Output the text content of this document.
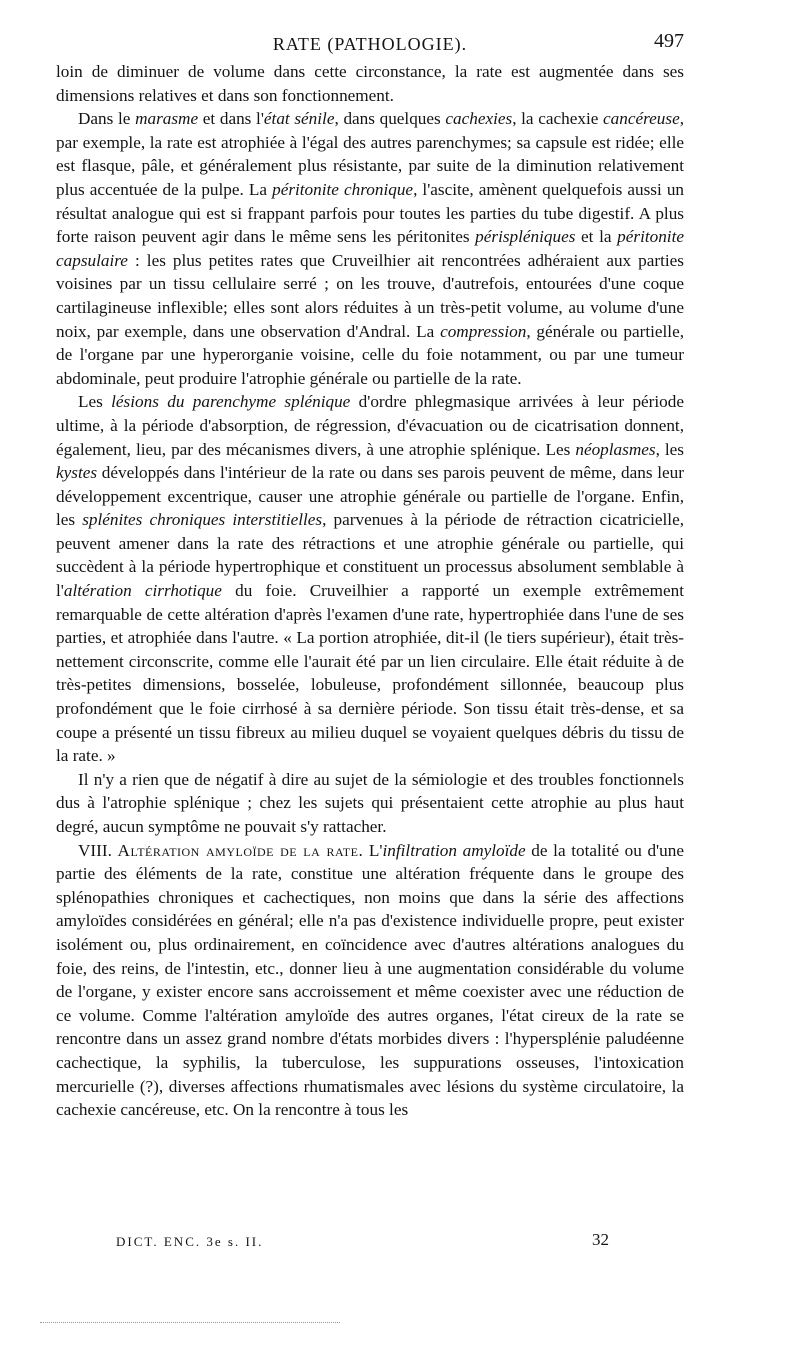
RATE (PATHOLOGIE).	497

loin de diminuer de volume dans cette circonstance, la rate est augmentée dans ses dimensions relatives et dans son fonctionnement.

Dans le marasme et dans l'état sénile, dans quelques cachexies, la cachexie cancéreuse, par exemple, la rate est atrophiée à l'égal des autres parenchymes; sa capsule est ridée; elle est flasque, pâle, et généralement plus résistante, par suite de la diminution relativement plus accentuée de la pulpe. La péritonite chronique, l'ascite, amènent quelquefois aussi un résultat analogue qui est si frappant parfois pour toutes les parties du tube digestif. A plus forte raison peuvent agir dans le même sens les péritonites périspléniques et la péritonite capsulaire : les plus petites rates que Cruveilhier ait rencontrées adhéraient aux parties voisines par un tissu cellulaire serré ; on les trouve, d'autrefois, entourées d'une coque cartilagineuse inflexible; elles sont alors réduites à un très-petit volume, au volume d'une noix, par exemple, dans une observation d'Andral. La compression, générale ou partielle, de l'organe par une hyperorganie voisine, celle du foie notamment, ou par une tumeur abdominale, peut produire l'atrophie générale ou partielle de la rate.

Les lésions du parenchyme splénique d'ordre phlegmasique arrivées à leur période ultime, à la période d'absorption, de régression, d'évacuation ou de cicatrisation donnent, également, lieu, par des mécanismes divers, à une atrophie splénique. Les néoplasmes, les kystes développés dans l'intérieur de la rate ou dans ses parois peuvent de même, dans leur développement excentrique, causer une atrophie générale ou partielle de l'organe. Enfin, les splénites chroniques interstitielles, parvenues à la période de rétraction cicatricielle, peuvent amener dans la rate des rétractions et une atrophie générale ou partielle, qui succèdent à la période hypertrophique et constituent un processus absolument semblable à l'altération cirrhotique du foie. Cruveilhier a rapporté un exemple extrêmement remarquable de cette altération d'après l'examen d'une rate, hypertrophiée dans l'une de ses parties, et atrophiée dans l'autre. « La portion atrophiée, dit-il (le tiers supérieur), était très-nettement circonscrite, comme elle l'aurait été par un lien circulaire. Elle était réduite à de très-petites dimensions, bosselée, lobuleuse, profondément sillonnée, beaucoup plus profondément que le foie cirrhosé à sa dernière période. Son tissu était très-dense, et sa coupe a présenté un tissu fibreux au milieu duquel se voyaient quelques débris du tissu de la rate. »

Il n'y a rien que de négatif à dire au sujet de la sémiologie et des troubles fonctionnels dus à l'atrophie splénique ; chez les sujets qui présentaient cette atrophie au plus haut degré, aucun symptôme ne pouvait s'y rattacher.

VIII. Altération amyloïde de la rate. L'infiltration amyloïde de la totalité ou d'une partie des éléments de la rate, constitue une altération fréquente dans le groupe des splénopathies chroniques et cachectiques, non moins que dans la série des affections amyloïdes considérées en général; elle n'a pas d'existence individuelle propre, peut exister isolément ou, plus ordinairement, en coïncidence avec d'autres altérations analogues du foie, des reins, de l'intestin, etc., donner lieu à une augmentation considérable du volume de l'organe, y exister encore sans accroissement et même coexister avec une réduction de ce volume. Comme l'altération amyloïde des autres organes, l'état cireux de la rate se rencontre dans un assez grand nombre d'états morbides divers : l'hypersplénie paludéenne cachectique, la syphilis, la tuberculose, les suppurations osseuses, l'intoxication mercurielle (?), diverses affections rhumatismales avec lésions du système circulatoire, la cachexie cancéreuse, etc. On la rencontre à tous les

DICT. ENC. 3e s. II.	32
